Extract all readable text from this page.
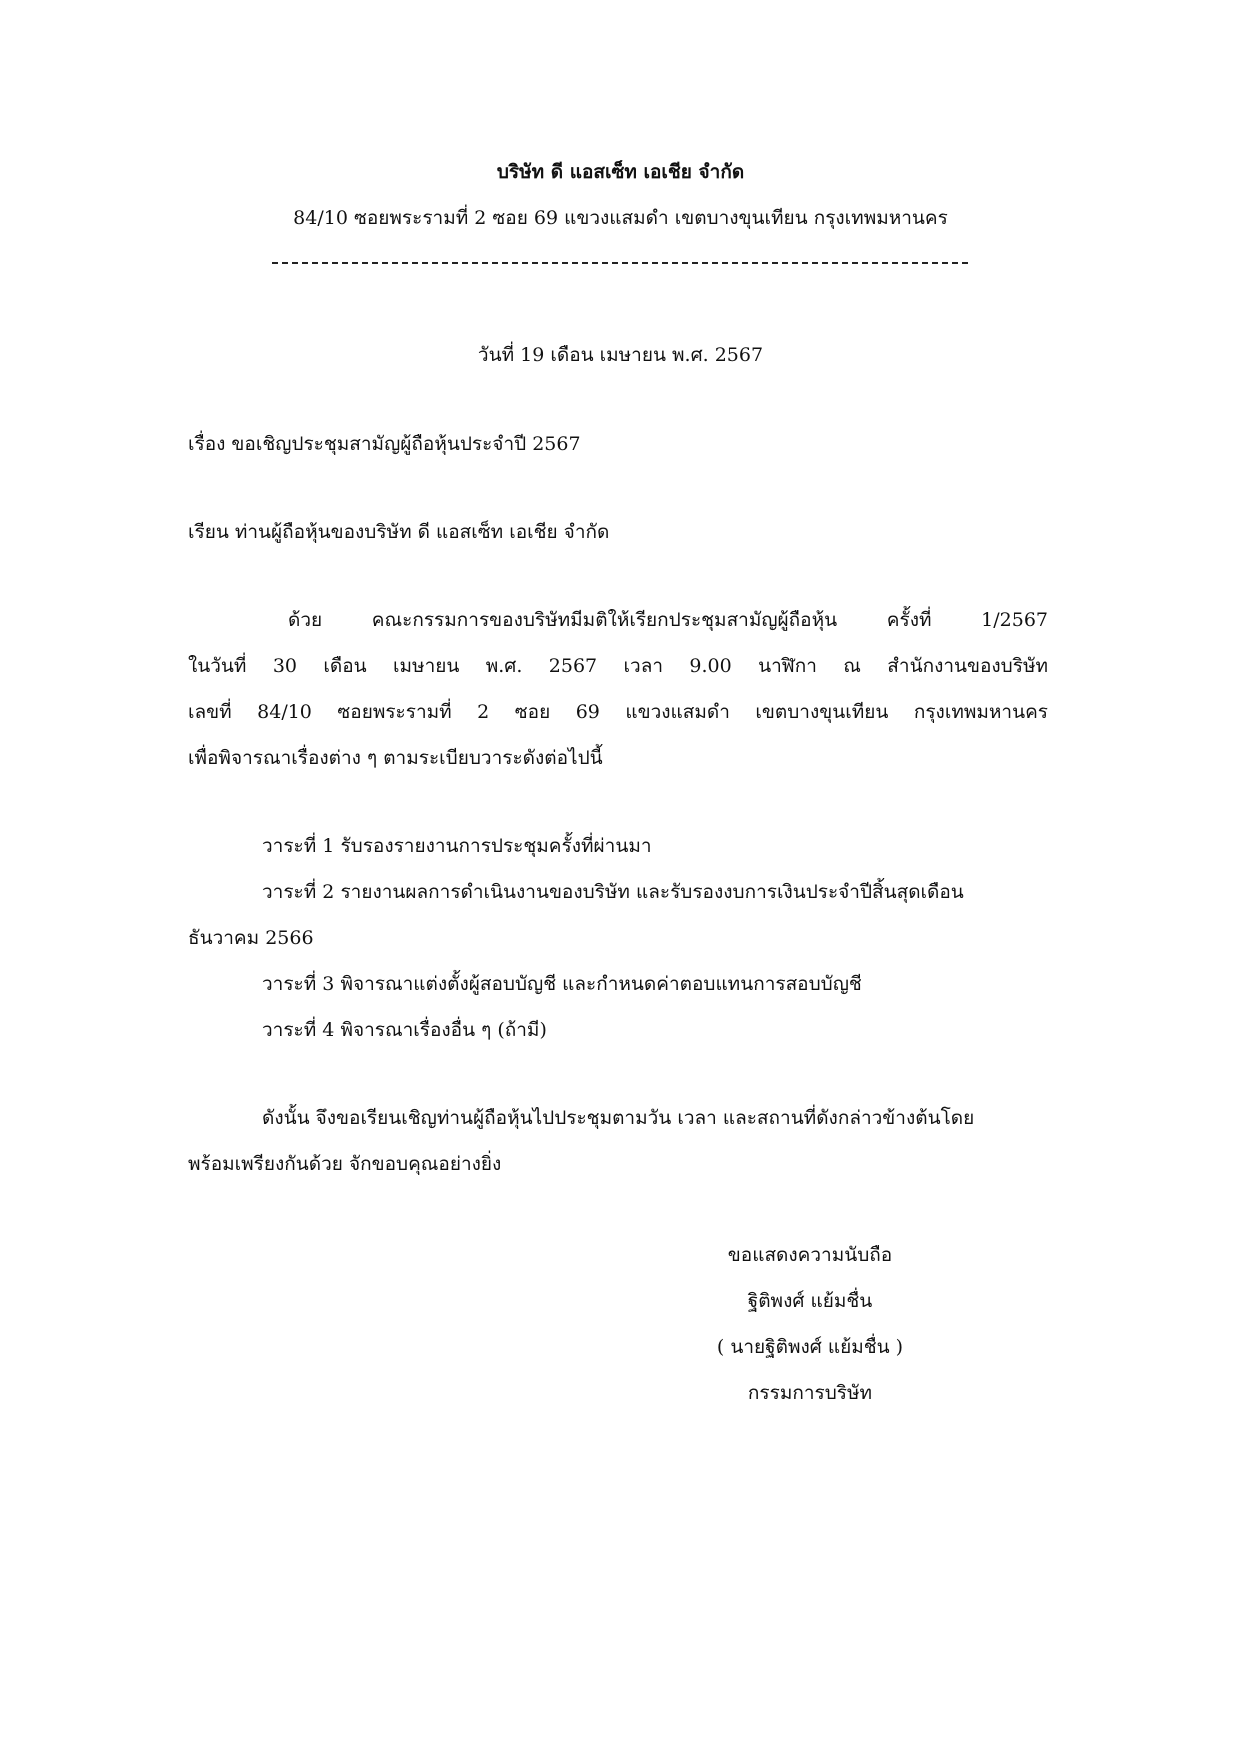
บริษัท ดี แอสเซ็ท เอเชีย จำกัด
84/10 ซอยพระรามที่ 2 ซอย 69 แขวงแสมดำ เขตบางขุนเทียน กรุงเทพมหานคร
วันที่ 19 เดือน เมษายน พ.ศ. 2567
เรื่อง ขอเชิญประชุมสามัญผู้ถือหุ้นประจำปี 2567
เรียน ท่านผู้ถือหุ้นของบริษัท ดี แอสเซ็ท เอเชีย จำกัด
ด้วย คณะกรรมการของบริษัทมีมติให้เรียกประชุมสามัญผู้ถือหุ้น ครั้งที่ 1/2567
ในวันที่ 30 เดือน เมษายน พ.ศ. 2567 เวลา 9.00 นาฬิกา ณ สำนักงานของบริษัท
เลขที่ 84/10 ซอยพระรามที่ 2 ซอย 69 แขวงแสมดำ เขตบางขุนเทียน กรุงเทพมหานคร
เพื่อพิจารณาเรื่องต่าง ๆ ตามระเบียบวาระดังต่อไปนี้
วาระที่ 1 รับรองรายงานการประชุมครั้งที่ผ่านมา
วาระที่ 2 รายงานผลการดำเนินงานของบริษัท และรับรองงบการเงินประจำปีสิ้นสุดเดือน
ธันวาคม 2566
วาระที่ 3 พิจารณาแต่งตั้งผู้สอบบัญชี และกำหนดค่าตอบแทนการสอบบัญชี
วาระที่ 4 พิจารณาเรื่องอื่น ๆ (ถ้ามี)
ดังนั้น จึงขอเรียนเชิญท่านผู้ถือหุ้นไปประชุมตามวัน เวลา และสถานที่ดังกล่าวข้างต้นโดย
พร้อมเพรียงกันด้วย จักขอบคุณอย่างยิ่ง
ขอแสดงความนับถือ
ฐิติพงศ์ แย้มชื่น
( นายฐิติพงศ์ แย้มชื่น )
กรรมการบริษัท
